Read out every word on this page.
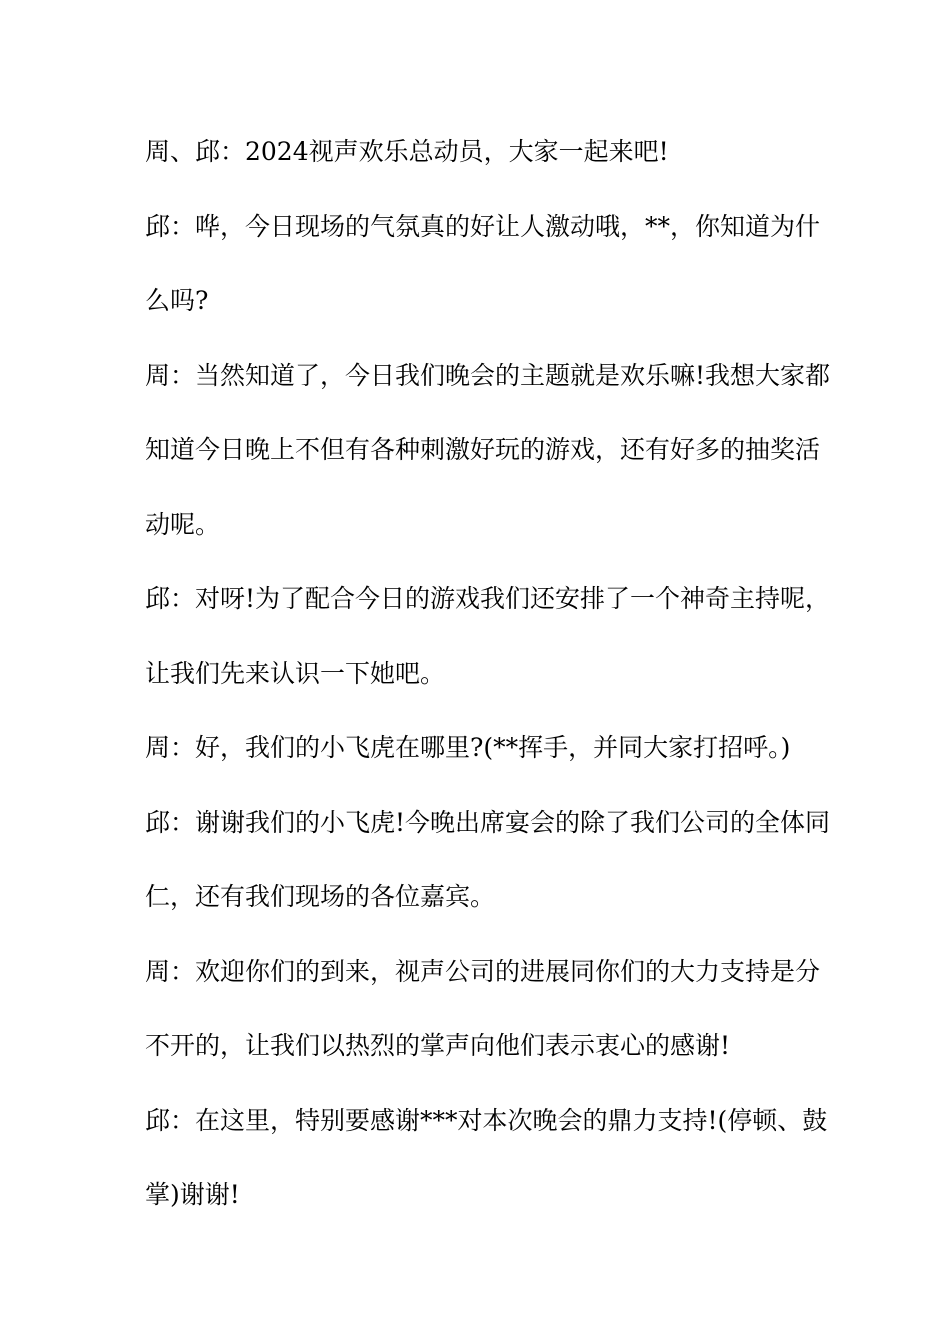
周、邱：2024视声欢乐总动员，大家一起来吧!
邱：哗，今日现场的气氛真的好让人激动哦，**，你知道为什
么吗?
周：当然知道了，今日我们晚会的主题就是欢乐嘛!我想大家都
知道今日晚上不但有各种刺激好玩的游戏，还有好多的抽奖活
动呢。
邱：对呀!为了配合今日的游戏我们还安排了一个神奇主持呢，
让我们先来认识一下她吧。
周：好，我们的小飞虎在哪里?(**挥手，并同大家打招呼。)
邱：谢谢我们的小飞虎!今晚出席宴会的除了我们公司的全体同
仁，还有我们现场的各位嘉宾。
周：欢迎你们的到来，视声公司的进展同你们的大力支持是分
不开的，让我们以热烈的掌声向他们表示衷心的感谢!
邱：在这里，特别要感谢***对本次晚会的鼎力支持!(停顿、鼓
掌)谢谢!
